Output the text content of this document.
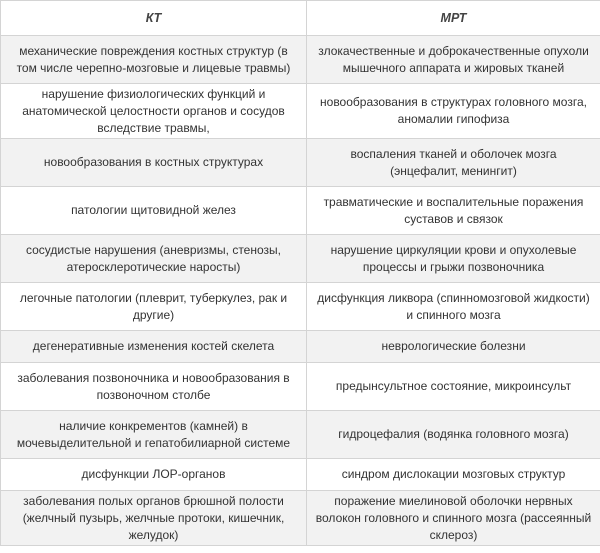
КТ	МРТ
механические повреждения костных структур (в том числе черепно-мозговые и лицевые травмы)	злокачественные и доброкачественные опухоли мышечного аппарата и жировых тканей
нарушение физиологических функций и анатомической целостности органов и сосудов вследствие травмы,	новообразования в структурах головного мозга, аномалии гипофиза
новообразования в костных структурах	воспаления тканей и оболочек мозга (энцефалит, менингит)
патологии щитовидной желез	травматические и воспалительные поражения суставов и связок
сосудистые нарушения (аневризмы, стенозы, атеросклеротические наросты)	нарушение циркуляции крови и опухолевые процессы и грыжи позвоночника
легочные патологии (плеврит, туберкулез, рак и другие)	дисфункция ликвора (спинномозговой жидкости) и спинного мозга
дегенеративные изменения костей скелета	неврологические болезни
заболевания позвоночника и новообразования в позвоночном столбе	предынсультное состояние, микроинсульт
наличие конкрементов (камней) в мочевыделительной и гепатобилиарной системе	гидроцефалия (водянка головного мозга)
дисфункции ЛОР-органов	синдром дислокации мозговых структур
заболевания полых органов брюшной полости (желчный пузырь, желчные протоки, кишечник, желудок)	поражение миелиновой оболочки нервных волокон головного и спинного мозга (рассеянный склероз)
